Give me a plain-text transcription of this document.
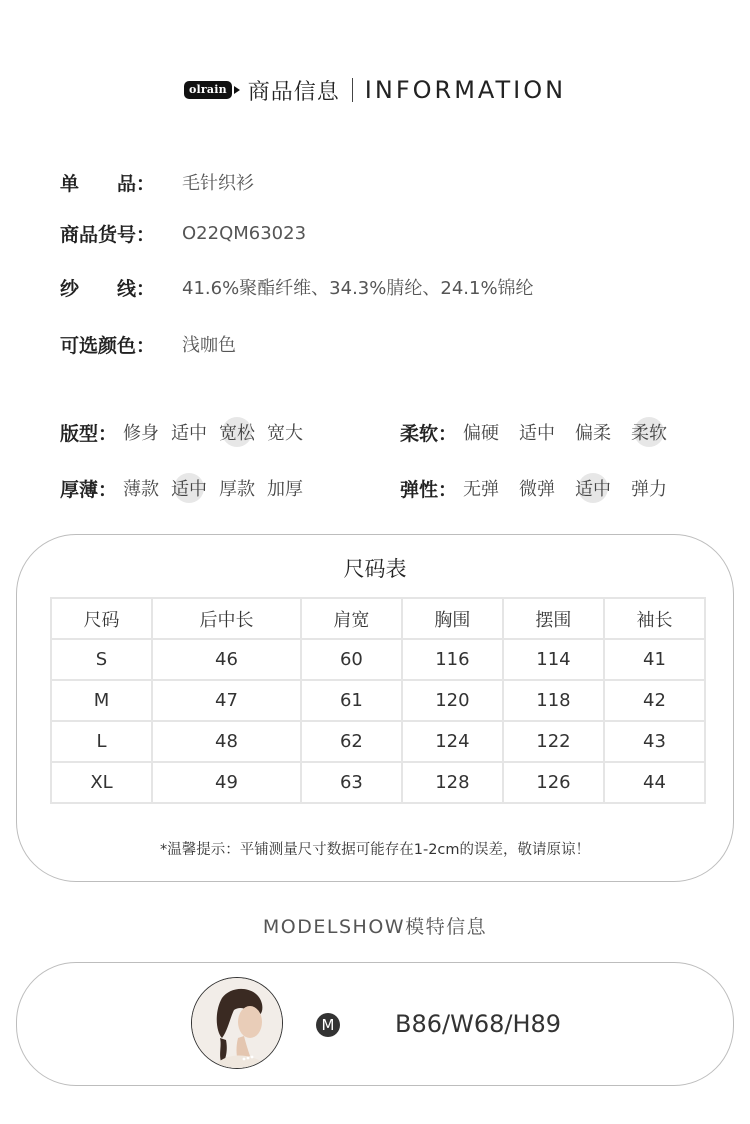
olrain 商品信息 INFORMATION
单　　品：	毛针织衫
商品货号：	O22QM63023
纱　　线：	41.6%聚酯纤维、34.3%腈纶、24.1%锦纶
可选颜色：	浅咖色
版型： 修身 适中 宽松 宽大	柔软： 偏硬 适中 偏柔 柔软
厚薄： 薄款 适中 厚款 加厚	弹性： 无弹 微弹 适中 弹力
尺码表
尺码	后中长	肩宽	胸围	摆围	袖长
S	46	60	116	114	41
M	47	61	120	118	42
L	48	62	124	122	43
XL	49	63	128	126	44
*温馨提示：平铺测量尺寸数据可能存在1-2cm的误差，敬请原谅！
MODELSHOW模特信息
M	B86/W68/H89
